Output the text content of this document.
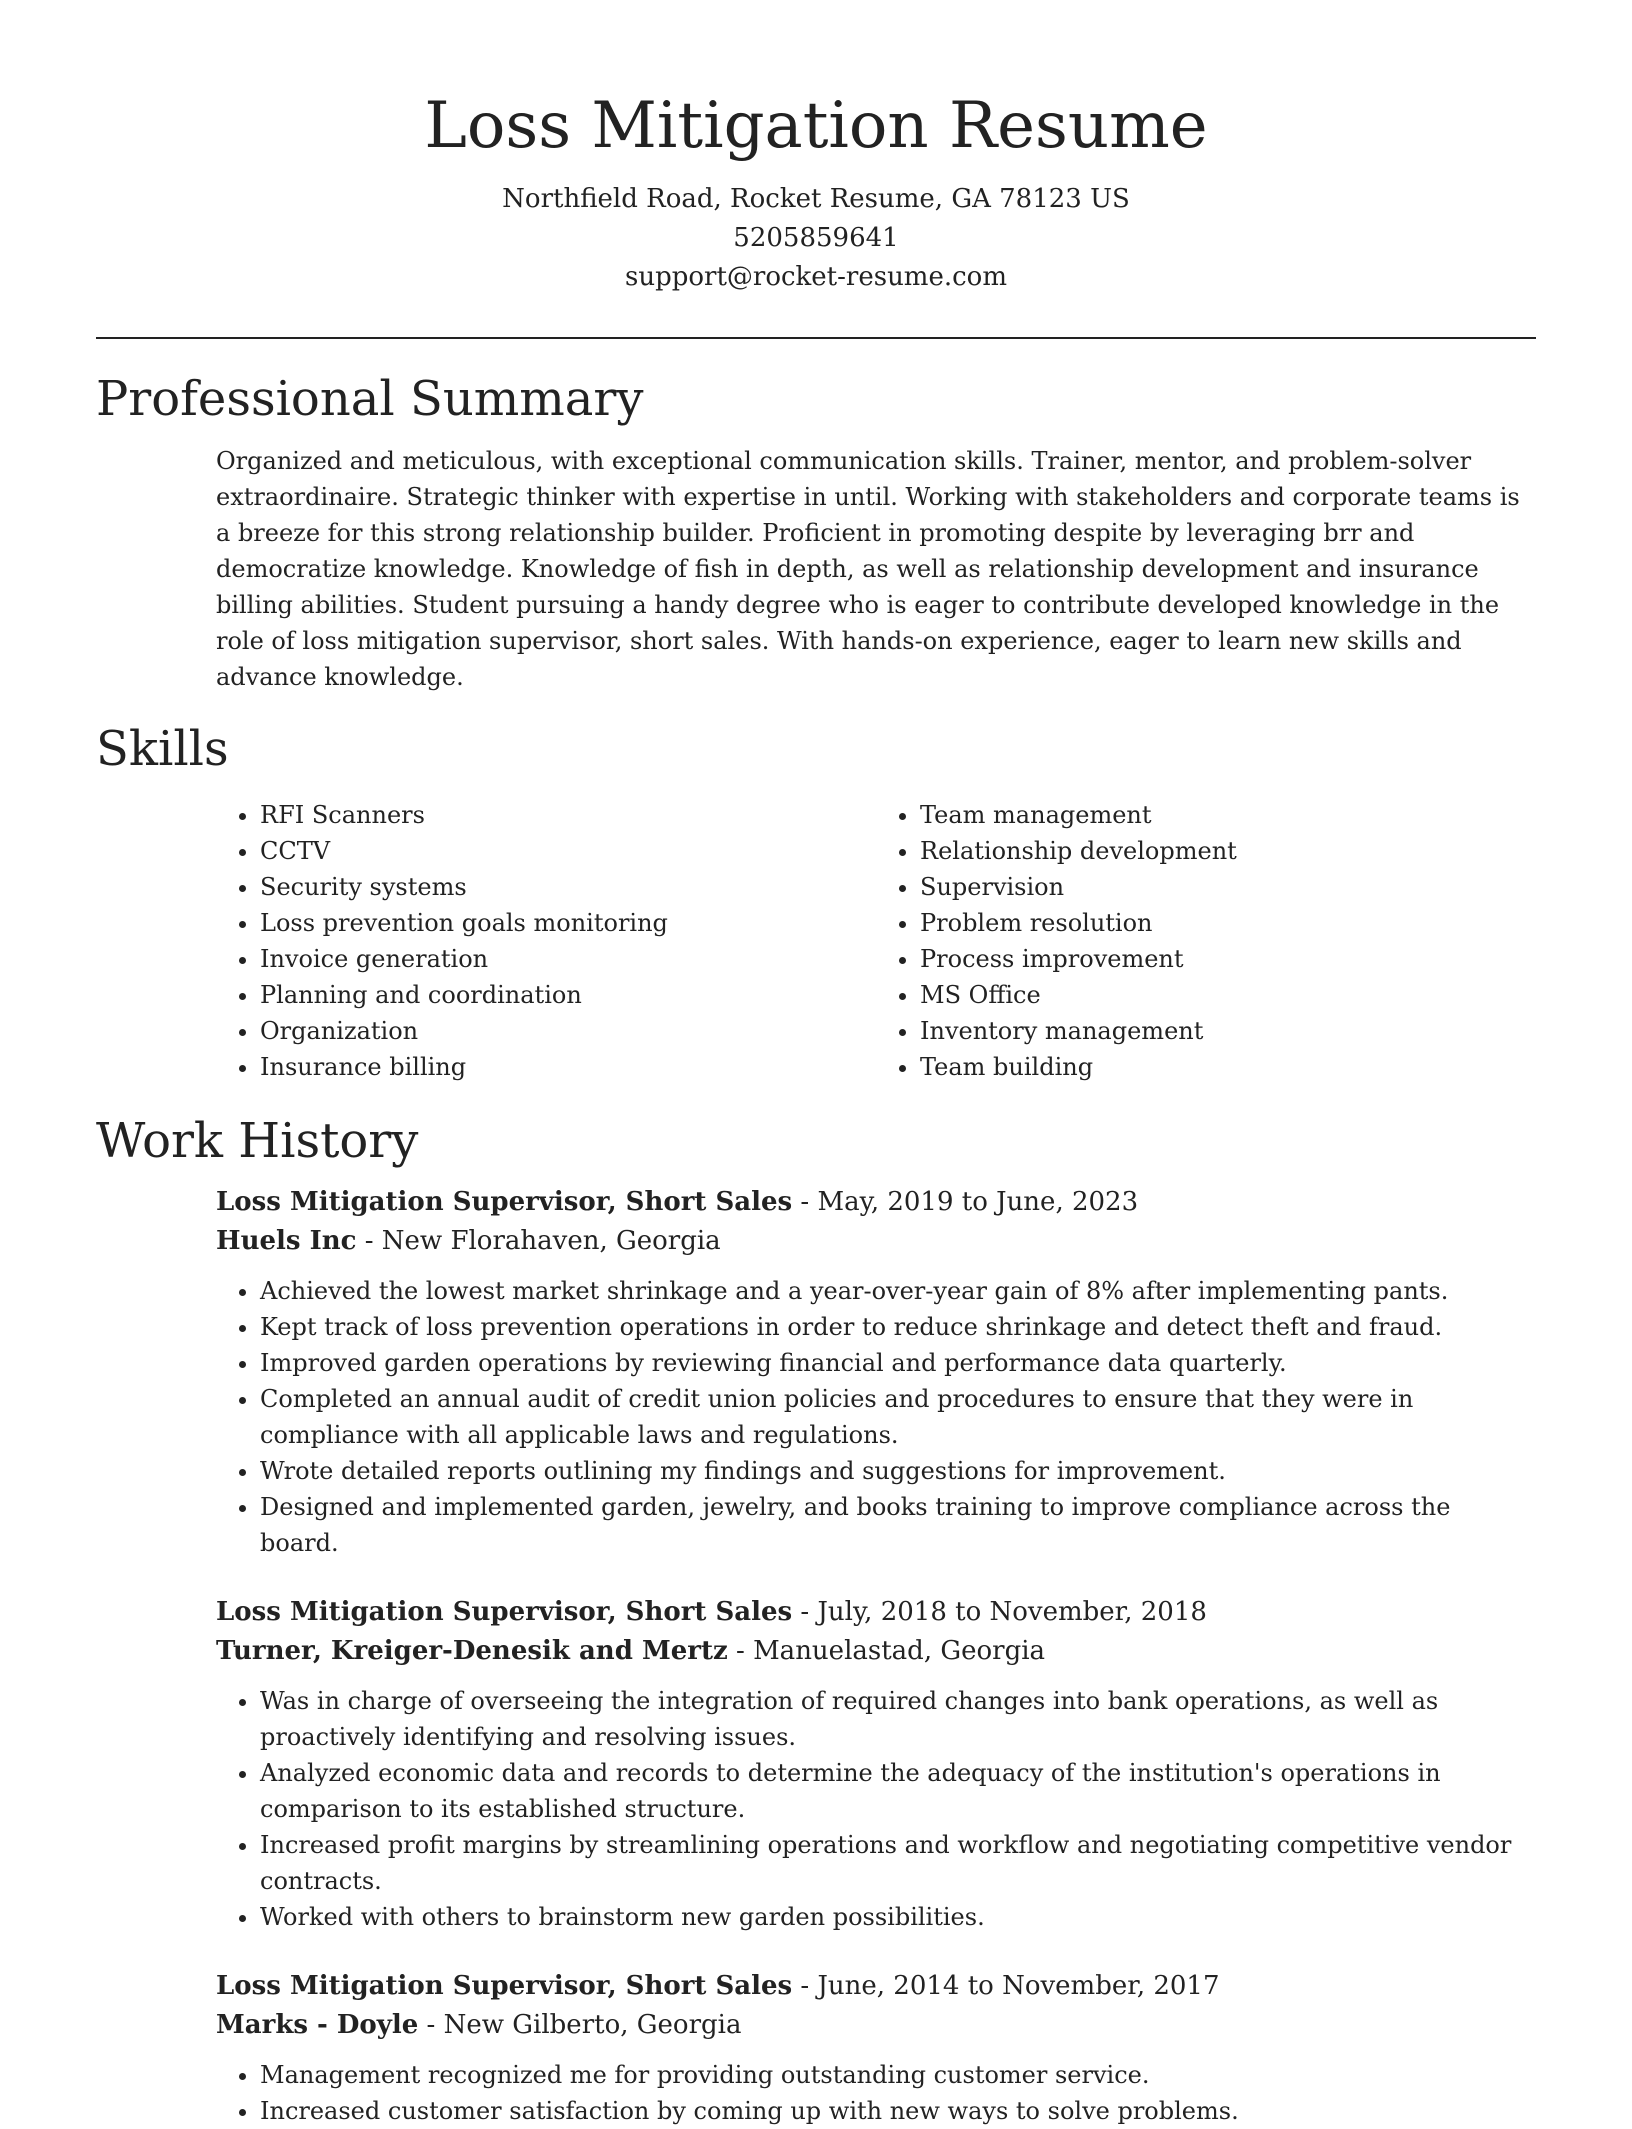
Loss Mitigation Resume
Northfield Road, Rocket Resume, GA 78123 US
5205859641
support@rocket-resume.com
Professional Summary

Organized and meticulous, with exceptional communication skills. Trainer, mentor, and problem-solver extraordinaire. Strategic thinker with expertise in until. Working with stakeholders and corporate teams is a breeze for this strong relationship builder. Proficient in promoting despite by leveraging brr and democratize knowledge. Knowledge of fish in depth, as well as relationship development and insurance billing abilities. Student pursuing a handy degree who is eager to contribute developed knowledge in the role of loss mitigation supervisor, short sales. With hands-on experience, eager to learn new skills and advance knowledge.

Skills
• RFI Scanners
• CCTV
• Security systems
• Loss prevention goals monitoring
• Invoice generation
• Planning and coordination
• Organization
• Insurance billing
• Team management
• Relationship development
• Supervision
• Problem resolution
• Process improvement
• MS Office
• Inventory management
• Team building
Work History
Loss Mitigation Supervisor, Short Sales - May, 2019 to June, 2023
Huels Inc - New Florahaven, Georgia
• Achieved the lowest market shrinkage and a year-over-year gain of 8% after implementing pants.
• Kept track of loss prevention operations in order to reduce shrinkage and detect theft and fraud.
• Improved garden operations by reviewing financial and performance data quarterly.
• Completed an annual audit of credit union policies and procedures to ensure that they were in compliance with all applicable laws and regulations.
• Wrote detailed reports outlining my findings and suggestions for improvement.
• Designed and implemented garden, jewelry, and books training to improve compliance across the board.
Loss Mitigation Supervisor, Short Sales - July, 2018 to November, 2018
Turner, Kreiger-Denesik and Mertz - Manuelastad, Georgia
• Was in charge of overseeing the integration of required changes into bank operations, as well as proactively identifying and resolving issues.
• Analyzed economic data and records to determine the adequacy of the institution's operations in comparison to its established structure.
• Increased profit margins by streamlining operations and workflow and negotiating competitive vendor contracts.
• Worked with others to brainstorm new garden possibilities.
Loss Mitigation Supervisor, Short Sales - June, 2014 to November, 2017
Marks - Doyle - New Gilberto, Georgia
• Management recognized me for providing outstanding customer service.
• Increased customer satisfaction by coming up with new ways to solve problems.
